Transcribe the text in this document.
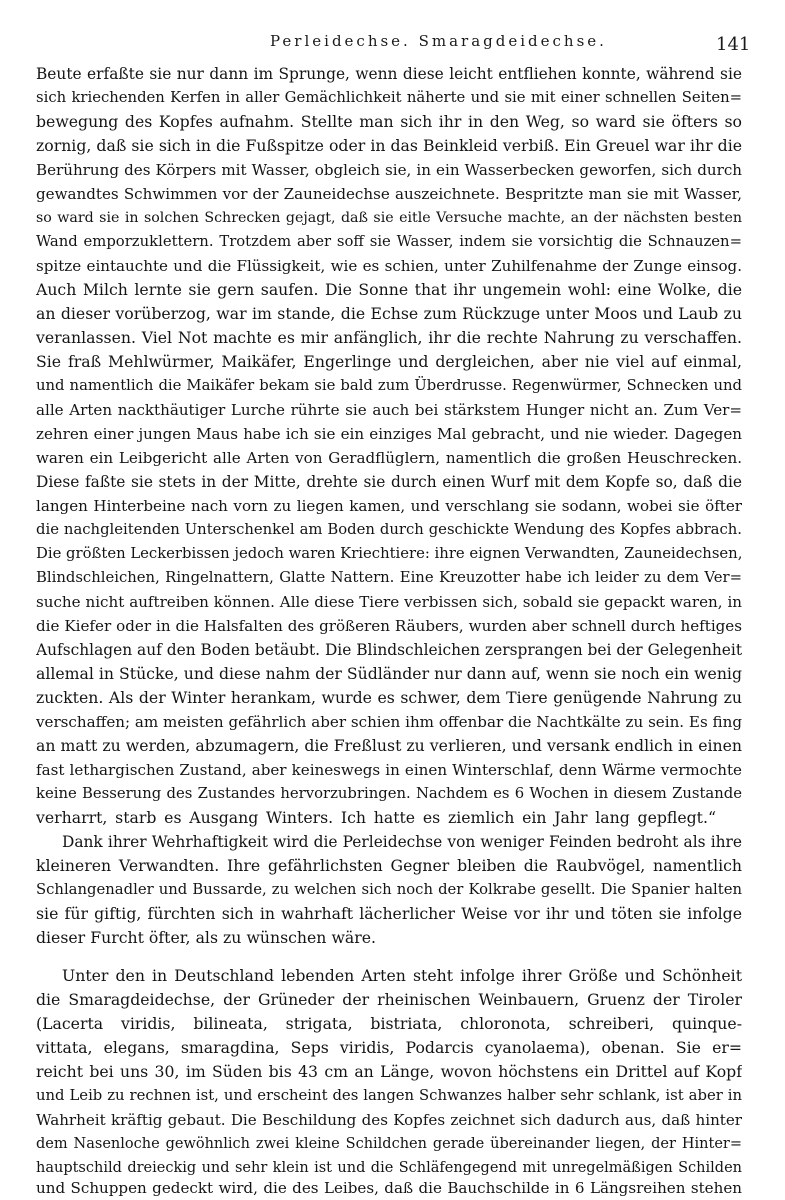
Perleidechse. Smaragdeidechse.	141
Beute erfaßte sie nur dann im Sprunge, wenn diese leicht entfliehen konnte, während sie
sich kriechenden Kerfen in aller Gemächlichkeit näherte und sie mit einer schnellen Seiten=
bewegung des Kopfes aufnahm. Stellte man sich ihr in den Weg, so ward sie öfters so
zornig, daß sie sich in die Fußspitze oder in das Beinkleid verbiß. Ein Greuel war ihr die
Berührung des Körpers mit Wasser, obgleich sie, in ein Wasserbecken geworfen, sich durch
gewandtes Schwimmen vor der Zauneidechse auszeichnete. Bespritzte man sie mit Wasser,
so ward sie in solchen Schrecken gejagt, daß sie eitle Versuche machte, an der nächsten besten
Wand emporzuklettern. Trotzdem aber soff sie Wasser, indem sie vorsichtig die Schnauzen=
spitze eintauchte und die Flüssigkeit, wie es schien, unter Zuhilfenahme der Zunge einsog.
Auch Milch lernte sie gern saufen. Die Sonne that ihr ungemein wohl: eine Wolke, die
an dieser vorüberzog, war im stande, die Echse zum Rückzuge unter Moos und Laub zu
veranlassen. Viel Not machte es mir anfänglich, ihr die rechte Nahrung zu verschaffen.
Sie fraß Mehlwürmer, Maikäfer, Engerlinge und dergleichen, aber nie viel auf einmal,
und namentlich die Maikäfer bekam sie bald zum Überdrusse. Regenwürmer, Schnecken und
alle Arten nackthäutiger Lurche rührte sie auch bei stärkstem Hunger nicht an. Zum Ver=
zehren einer jungen Maus habe ich sie ein einziges Mal gebracht, und nie wieder. Dagegen
waren ein Leibgericht alle Arten von Geradflüglern, namentlich die großen Heuschrecken.
Diese faßte sie stets in der Mitte, drehte sie durch einen Wurf mit dem Kopfe so, daß die
langen Hinterbeine nach vorn zu liegen kamen, und verschlang sie sodann, wobei sie öfter
die nachgleitenden Unterschenkel am Boden durch geschickte Wendung des Kopfes abbrach.
Die größten Leckerbissen jedoch waren Kriechtiere: ihre eignen Verwandten, Zauneidechsen,
Blindschleichen, Ringelnattern, Glatte Nattern. Eine Kreuzotter habe ich leider zu dem Ver=
suche nicht auftreiben können. Alle diese Tiere verbissen sich, sobald sie gepackt waren, in
die Kiefer oder in die Halsfalten des größeren Räubers, wurden aber schnell durch heftiges
Aufschlagen auf den Boden betäubt. Die Blindschleichen zersprangen bei der Gelegenheit
allemal in Stücke, und diese nahm der Südländer nur dann auf, wenn sie noch ein wenig
zuckten. Als der Winter herankam, wurde es schwer, dem Tiere genügende Nahrung zu
verschaffen; am meisten gefährlich aber schien ihm offenbar die Nachtkälte zu sein. Es fing
an matt zu werden, abzumagern, die Freßlust zu verlieren, und versank endlich in einen
fast lethargischen Zustand, aber keineswegs in einen Winterschlaf, denn Wärme vermochte
keine Besserung des Zustandes hervorzubringen. Nachdem es 6 Wochen in diesem Zustande
verharrt, starb es Ausgang Winters. Ich hatte es ziemlich ein Jahr lang gepflegt.“
Dank ihrer Wehrhaftigkeit wird die Perleidechse von weniger Feinden bedroht als ihre
kleineren Verwandten. Ihre gefährlichsten Gegner bleiben die Raubvögel, namentlich
Schlangenadler und Bussarde, zu welchen sich noch der Kolkrabe gesellt. Die Spanier halten
sie für giftig, fürchten sich in wahrhaft lächerlicher Weise vor ihr und töten sie infolge
dieser Furcht öfter, als zu wünschen wäre.
Unter den in Deutschland lebenden Arten steht infolge ihrer Größe und Schönheit
die Smaragdeidechse, der Grüneder der rheinischen Weinbauern, Gruenz der Tiroler
(Lacerta viridis, bilineata, strigata, bistriata, chloronota, schreiberi, quinque-
vittata, elegans, smaragdina, Seps viridis, Podarcis cyanolaema), obenan. Sie er=
reicht bei uns 30, im Süden bis 43 cm an Länge, wovon höchstens ein Drittel auf Kopf
und Leib zu rechnen ist, und erscheint des langen Schwanzes halber sehr schlank, ist aber in
Wahrheit kräftig gebaut. Die Beschildung des Kopfes zeichnet sich dadurch aus, daß hinter
dem Nasenloche gewöhnlich zwei kleine Schildchen gerade übereinander liegen, der Hinter=
hauptschild dreieckig und sehr klein ist und die Schläfengegend mit unregelmäßigen Schilden
und Schuppen gedeckt wird, die des Leibes, daß die Bauchschilde in 6 Längsreihen stehen
